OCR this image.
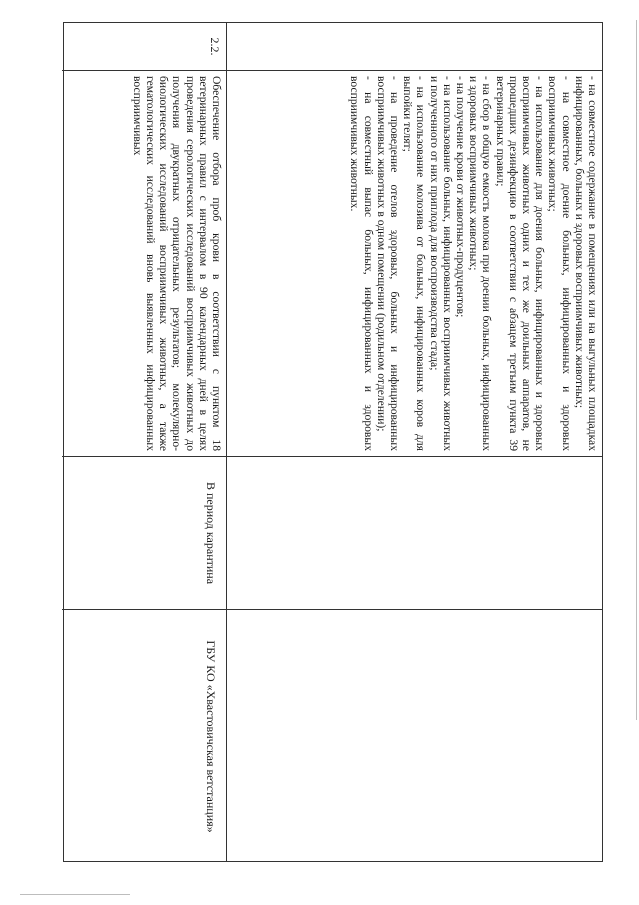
- на совместное содержание в помещениях или на выгульных площадках инфицированных, больных и здоровых восприимчивых животных;

- на совместное доение больных, инфицированных и здоровых восприимчивых животных;

- на использование для доения больных, инфицированных и здоровых восприимчивых животных одних и тех же доильных аппаратов, не прошедших дезинфекцию в соответствии с абзацем третьим пункта 39 ветеринарных правил;

- на сбор в общую емкость молока при доении больных, инфицированных и здоровых восприимчивых животных;

- на получение крови от животных-продуцентов;

- на использование больных, инфицированных восприимчивых животных и полученного от них приплода для воспроизводства стада;

- на использование молозива от больных, инфицированных коров для выпойки телят;

- на проведение отелов здоровых, больных и инфицированных восприимчивых животных в одном помещении (родильном отделении);

- на совместный выпас больных, инфицированных и здоровых восприимчивых животных.

2.2.

Обеспечение отбора проб крови в соответствии с пунктом 18 ветеринарных правил с интервалом в 90 календарных дней в целях проведения серологических исследований восприимчивых животных до получения двукратных отрицательных результатов; молекулярно-биологических исследований восприимчивых животных, а также гематологических исследований вновь выявленных инфицированных восприимчивых

В период карантина
ГБУ КО «Хвастовичская ветстанция»
